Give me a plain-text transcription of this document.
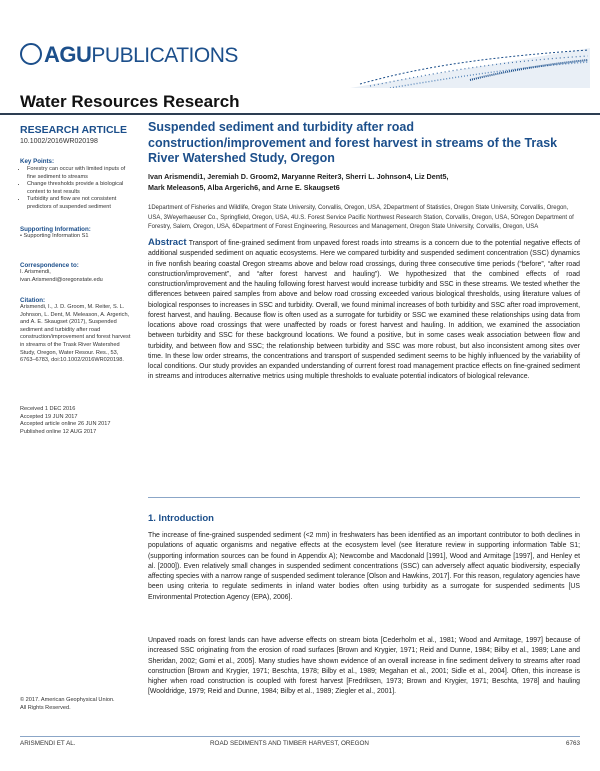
AGUPUBLICATIONS
Water Resources Research
RESEARCH ARTICLE
10.1002/2016WR020198
Key Points:
• Forestry can occur with limited inputs of fine sediment to streams
• Change thresholds provide a biological context to test results
• Turbidity and flow are not consistent predictors of suspended sediment
Supporting Information:
• Supporting Information S1
Correspondence to:
I. Arismendi,
ivan.Arismendi@oregonstate.edu
Citation:
Arismendi, I., J. D. Groom, M. Reiter, S. L. Johnson, L. Dent, M. Meleason, A. Argerich, and A. E. Skaugset (2017), Suspended sediment and turbidity after road construction/improvement and forest harvest in streams of the Trask River Watershed Study, Oregon, Water Resour. Res., 53, 6763–6783, doi:10.1002/2016WR020198.
Received 1 DEC 2016
Accepted 19 JUN 2017
Accepted article online 26 JUN 2017
Published online 12 AUG 2017
© 2017. American Geophysical Union.
All Rights Reserved.
Suspended sediment and turbidity after road construction/improvement and forest harvest in streams of the Trask River Watershed Study, Oregon
Ivan Arismendi1, Jeremiah D. Groom2, Maryanne Reiter3, Sherri L. Johnson4, Liz Dent5,
Mark Meleason5, Alba Argerich6, and Arne E. Skaugset6
1Department of Fisheries and Wildlife, Oregon State University, Corvallis, Oregon, USA, 2Department of Statistics, Oregon State University, Corvallis, Oregon, USA, 3Weyerhaeuser Co., Springfield, Oregon, USA, 4U.S. Forest Service Pacific Northwest Research Station, Corvallis, Oregon, USA, 5Oregon Department of Forestry, Salem, Oregon, USA, 6Department of Forest Engineering, Resources and Management, Oregon State University, Corvallis, Oregon, USA
Abstract Transport of fine-grained sediment from unpaved forest roads into streams is a concern due to the potential negative effects of additional suspended sediment on aquatic ecosystems. Here we compared turbidity and suspended sediment concentration (SSC) dynamics in five nonfish bearing coastal Oregon streams above and below road crossings, during three consecutive time periods (“before”, “after road construction/improvement”, and “after forest harvest and hauling”). We hypothesized that the combined effects of road construction/improvement and the hauling following forest harvest would increase turbidity and SSC in these streams. We tested whether the differences between paired samples from above and below road crossing exceeded various biological thresholds, using literature values of biological responses to increases in SSC and turbidity. Overall, we found minimal increases of both turbidity and SSC after road improvement, forest harvest, and hauling. Because flow is often used as a surrogate for turbidity or SSC we examined these relationships using data from locations above road crossings that were unaffected by roads or forest harvest and hauling. In addition, we examined the association between turbidity and SSC for these background locations. We found a positive, but in some cases weak association between flow and turbidity, and between flow and SSC; the relationship between turbidity and SSC was more robust, but also inconsistent among sites over time. In these low order streams, the concentrations and transport of suspended sediment seems to be highly influenced by the variability of local conditions. Our study provides an expanded understanding of current forest road management practice effects on fine-grained sediment in streams and introduces alternative metrics using multiple thresholds to evaluate potential indicators of biological relevance.
1. Introduction
The increase of fine-grained suspended sediment (<2 mm) in freshwaters has been identified as an important contributor to both declines in populations of aquatic organisms and negative effects at the ecosystem level (see literature review in supporting information Table S1; (supporting information sources can be found in Appendix A); Newcombe and Macdonald [1991], Wood and Armitage [1997], and Henley et al. [2000]). Even relatively small changes in suspended sediment concentrations (SSC) can adversely affect aquatic biodiversity, especially affecting species with a narrow range of suspended sediment tolerance [Olson and Hawkins, 2017]. For this reason, regulatory agencies have been using criteria to regulate sediments in inland water bodies often using turbidity as a surrogate for suspended sediments [US Environmental Protection Agency (EPA), 2006].
Unpaved roads on forest lands can have adverse effects on stream biota [Cederholm et al., 1981; Wood and Armitage, 1997] because of increased SSC originating from the erosion of road surfaces [Brown and Krygier, 1971; Reid and Dunne, 1984; Bilby et al., 1989; Lane and Sheridan, 2002; Gomi et al., 2005]. Many studies have shown evidence of an overall increase in fine sediment delivery to streams after road construction [Brown and Krygier, 1971; Beschta, 1978; Bilby et al., 1989; Megahan et al., 2001; Sidle et al., 2004]. Often, this increase is higher when road construction is coupled with forest harvest [Fredriksen, 1973; Brown and Krygier, 1971; Beschta, 1978] and hauling [Wooldridge, 1979; Reid and Dunne, 1984; Bilby et al., 1989; Ziegler et al., 2001].
ARISMENDI ET AL.	ROAD SEDIMENTS AND TIMBER HARVEST, OREGON	6763
